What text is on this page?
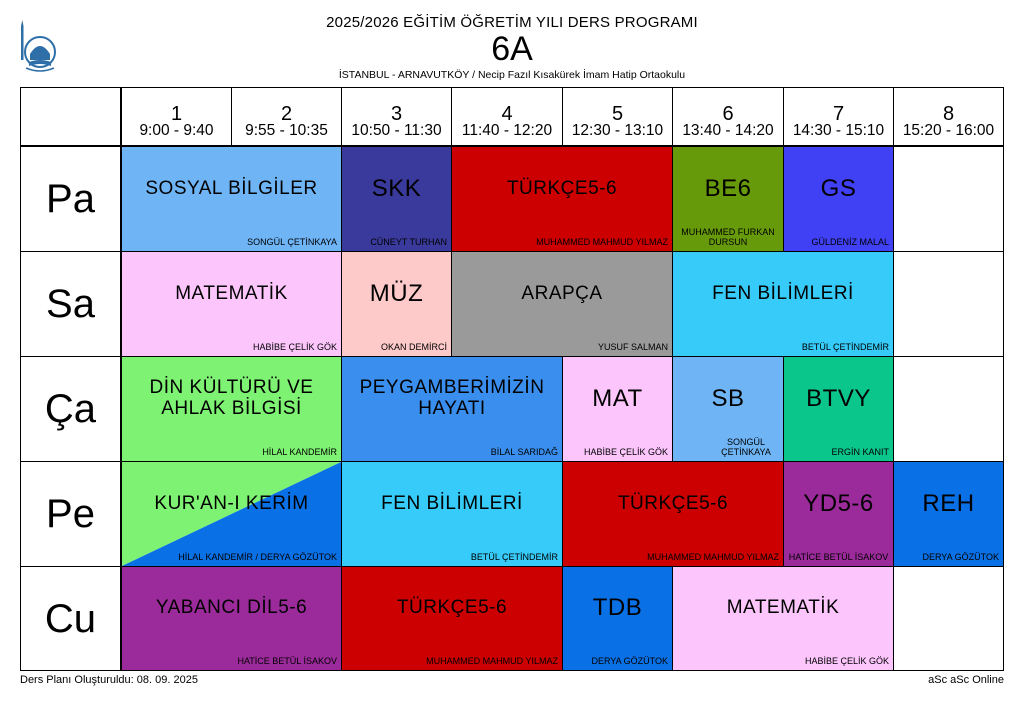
2025/2026 EĞİTİM ÖĞRETİM YILI DERS PROGRAMI
6A
İSTANBUL - ARNAVUTKÖY / Necip Fazıl Kısakürek İmam Hatip Ortaokulu
1
9:00 - 9:40
2
9:55 - 10:35
3
10:50 - 11:30
4
11:40 - 12:20
5
12:30 - 13:10
6
13:40 - 14:20
7
14:30 - 15:10
8
15:20 - 16:00
Pa
Sa
Ça
Pe
Cu
SOSYAL BİLGİLER
SONGÜL ÇETİNKAYA
SKK
CÜNEYT TURHAN
TÜRKÇE5-6
MUHAMMED MAHMUD YILMAZ
BE6
MUHAMMED FURKAN DURSUN
GS
GÜLDENİZ MALAL
MATEMATİK
HABİBE ÇELİK GÖK
MÜZ
OKAN DEMİRCİ
ARAPÇA
YUSUF SALMAN
FEN BİLİMLERİ
BETÜL ÇETİNDEMİR
DİN KÜLTÜRÜ VE AHLAK BİLGİSİ
HİLAL KANDEMİR
PEYGAMBERİMİZİN HAYATI
BİLAL SARIDAĞ
MAT
HABİBE ÇELİK GÖK
SB
SONGÜL ÇETİNKAYA
BTVY
ERGİN KANIT
KUR'AN-I KERİM
HİLAL KANDEMİR / DERYA GÖZÜTOK
FEN BİLİMLERİ
BETÜL ÇETİNDEMİR
TÜRKÇE5-6
MUHAMMED MAHMUD YILMAZ
YD5-6
HATİCE BETÜL İSAKOV
REH
DERYA GÖZÜTOK
YABANCI DİL5-6
HATİCE BETÜL İSAKOV
TÜRKÇE5-6
MUHAMMED MAHMUD YILMAZ
TDB
DERYA GÖZÜTOK
MATEMATİK
HABİBE ÇELİK GÖK
Ders Planı Oluşturuldu: 08. 09. 2025	aSc aSc Online
